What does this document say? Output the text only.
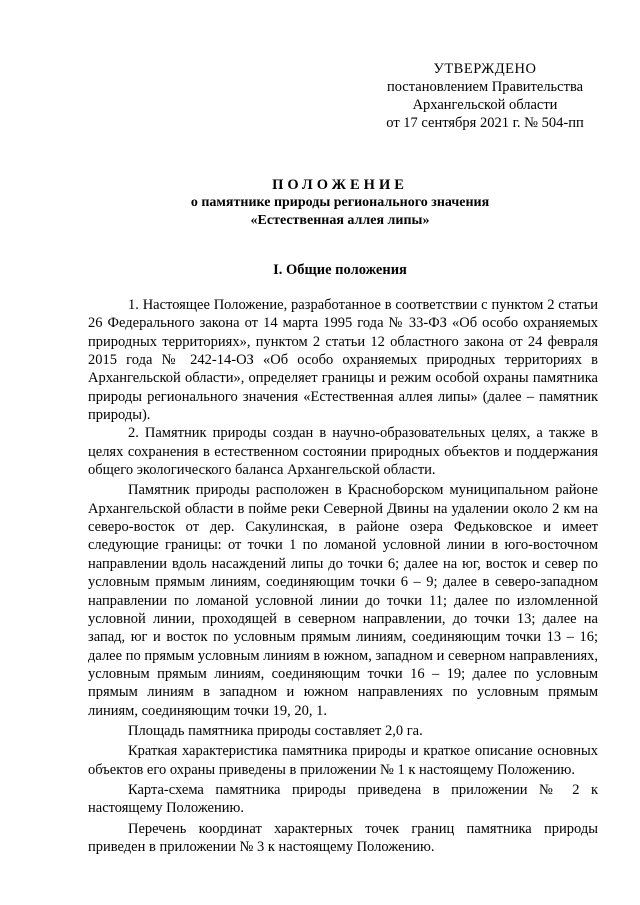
УТВЕРЖДЕНО
постановлением Правительства
Архангельской области
от 17 сентября 2021 г. № 504-пп
ПОЛОЖЕНИЕ
о памятнике природы регионального значения
«Естественная аллея липы»
I. Общие положения

1. Настоящее Положение, разработанное в соответствии с пунктом 2 статьи 26 Федерального закона от 14 марта 1995 года № 33-ФЗ «Об особо охраняемых природных территориях», пунктом 2 статьи 12 областного закона от 24 февраля 2015 года № 242-14-ОЗ «Об особо охраняемых природных территориях в Архангельской области», определяет границы и режим особой охраны памятника природы регионального значения «Естественная аллея липы» (далее – памятник природы).

2. Памятник природы создан в научно-образовательных целях, а также в целях сохранения в естественном состоянии природных объектов и поддержания общего экологического баланса Архангельской области.

Памятник природы расположен в Красноборском муниципальном районе Архангельской области в пойме реки Северной Двины на удалении около 2 км на северо-восток от дер. Сакулинская, в районе озера Федьковское и имеет следующие границы: от точки 1 по ломаной условной линии в юго-восточном направлении вдоль насаждений липы до точки 6; далее на юг, восток и север по условным прямым линиям, соединяющим точки 6 – 9; далее в северо-западном направлении по ломаной условной линии до точки 11; далее по изломленной условной линии, проходящей в северном направлении, до точки 13; далее на запад, юг и восток по условным прямым линиям, соединяющим точки 13 – 16; далее по прямым условным линиям в южном, западном и северном направлениях, условным прямым линиям, соединяющим точки 16 – 19; далее по условным прямым линиям в западном и южном направлениях по условным прямым линиям, соединяющим точки 19, 20, 1.

Площадь памятника природы составляет 2,0 га.

Краткая характеристика памятника природы и краткое описание основных объектов его охраны приведены в приложении № 1 к настоящему Положению.

Карта-схема памятника природы приведена в приложении № 2 к настоящему Положению.

Перечень координат характерных точек границ памятника природы приведен в приложении № 3 к настоящему Положению.
